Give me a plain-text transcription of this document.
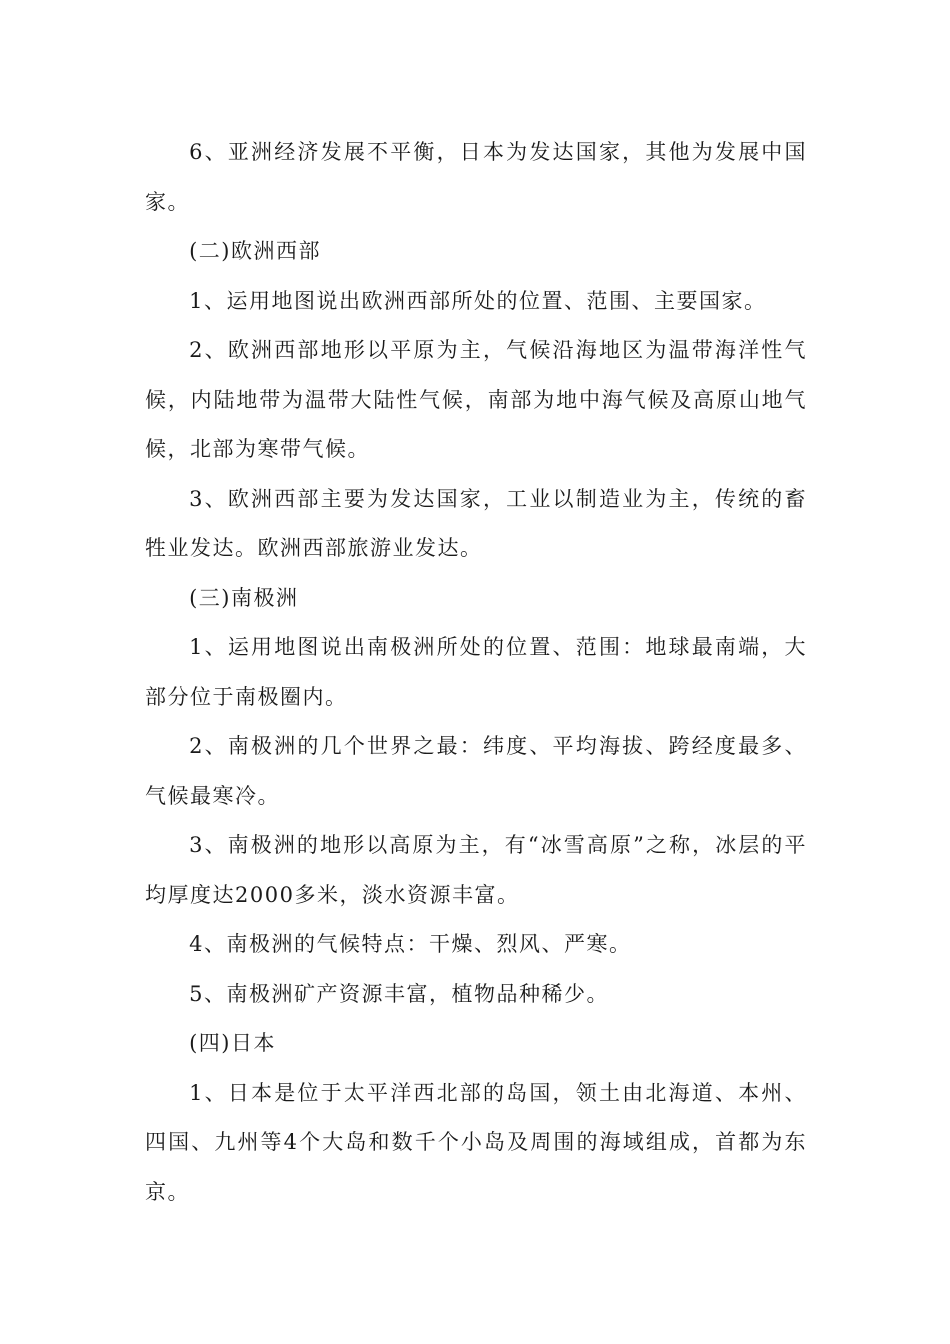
6、亚洲经济发展不平衡，日本为发达国家，其他为发展中国家。

(二)欧洲西部

1、运用地图说出欧洲西部所处的位置、范围、主要国家。

2、欧洲西部地形以平原为主，气候沿海地区为温带海洋性气候，内陆地带为温带大陆性气候，南部为地中海气候及高原山地气候，北部为寒带气候。

3、欧洲西部主要为发达国家，工业以制造业为主，传统的畜牲业发达。欧洲西部旅游业发达。

(三)南极洲

1、运用地图说出南极洲所处的位置、范围：地球最南端，大部分位于南极圈内。

2、南极洲的几个世界之最：纬度、平均海拔、跨经度最多、气候最寒冷。

3、南极洲的地形以高原为主，有“冰雪高原”之称，冰层的平均厚度达2000多米，淡水资源丰富。

4、南极洲的气候特点：干燥、烈风、严寒。

5、南极洲矿产资源丰富，植物品种稀少。

(四)日本

1、日本是位于太平洋西北部的岛国，领土由北海道、本州、四国、九州等4个大岛和数千个小岛及周围的海域组成，首都为东京。
